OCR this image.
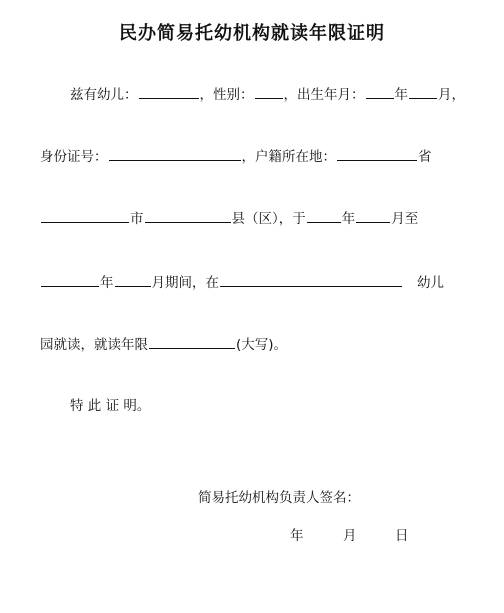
民办简易托幼机构就读年限证明
兹有幼儿：	，性别： ，出生年月： 年 月，
身份证号：	，户籍所在地：	省
市	县（区），于	年	月至
年	月期间，在	幼儿
园就读，就读年限	(大写)。
特 此 证 明。
简易托幼机构负责人签名：
年	月	日
